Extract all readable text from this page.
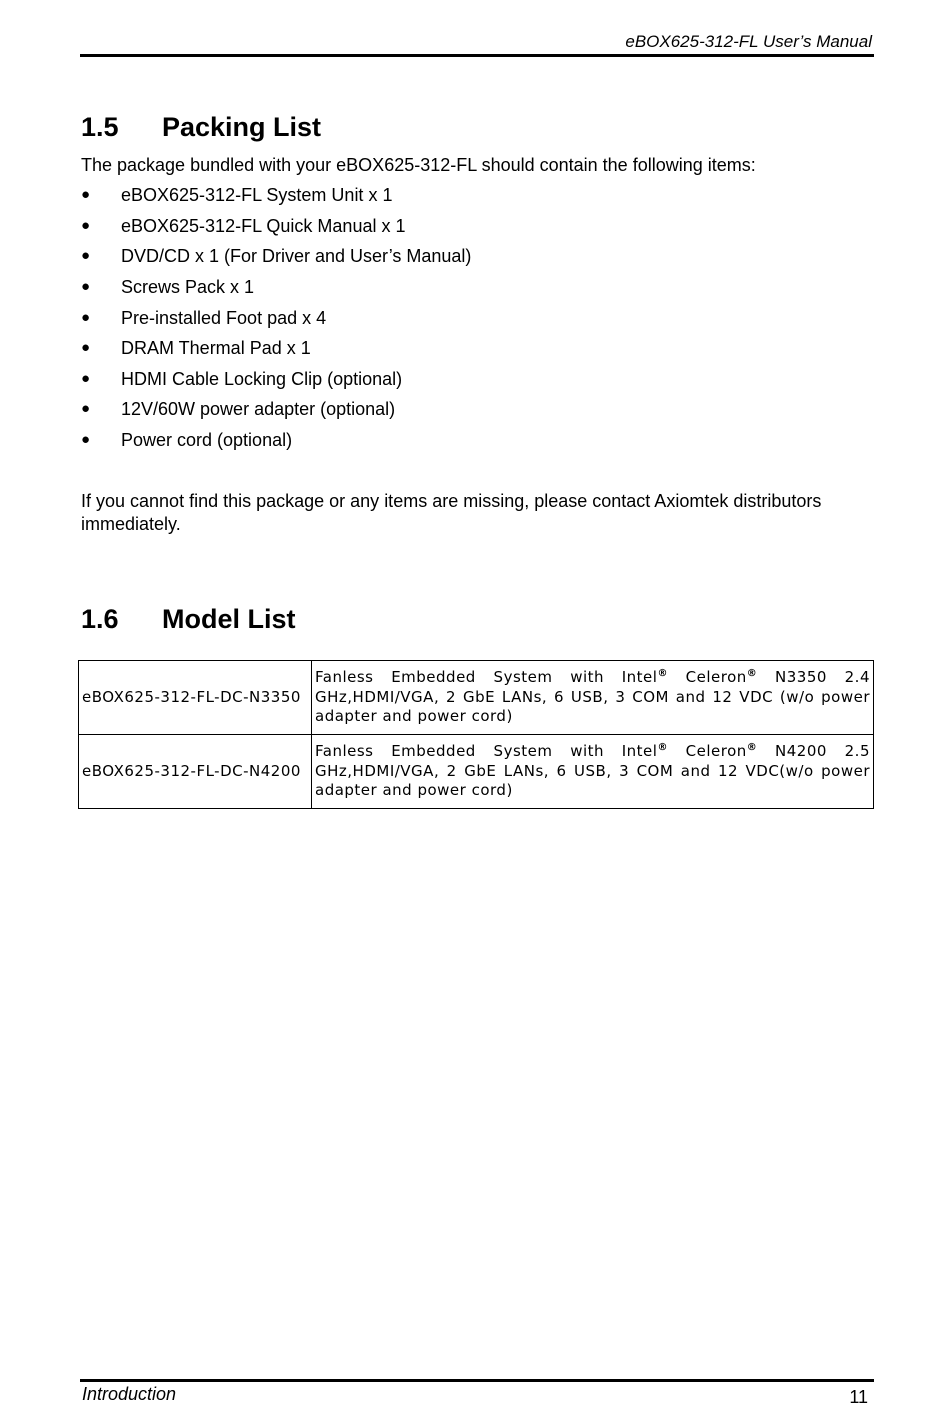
eBOX625-312-FL User’s Manual
1.5 Packing List
The package bundled with your eBOX625-312-FL should contain the following items:
●	eBOX625-312-FL System Unit x 1
●	eBOX625-312-FL Quick Manual x 1
●	DVD/CD x 1 (For Driver and User’s Manual)
●	Screws Pack x 1
●	Pre-installed Foot pad x 4
●	DRAM Thermal Pad x 1
●	HDMI Cable Locking Clip (optional)
●	12V/60W power adapter (optional)
●	Power cord (optional)
If you cannot find this package or any items are missing, please contact Axiomtek distributors immediately.
1.6 Model List
eBOX625-312-FL-DC-N3350	Fanless Embedded System with Intel® Celeron® N3350 2.4 GHz,HDMI/VGA, 2 GbE LANs, 6 USB, 3 COM and 12 VDC (w/o power adapter and power cord)
eBOX625-312-FL-DC-N4200	Fanless Embedded System with Intel® Celeron® N4200 2.5 GHz,HDMI/VGA, 2 GbE LANs, 6 USB, 3 COM and 12 VDC(w/o power adapter and power cord)
Introduction	11
